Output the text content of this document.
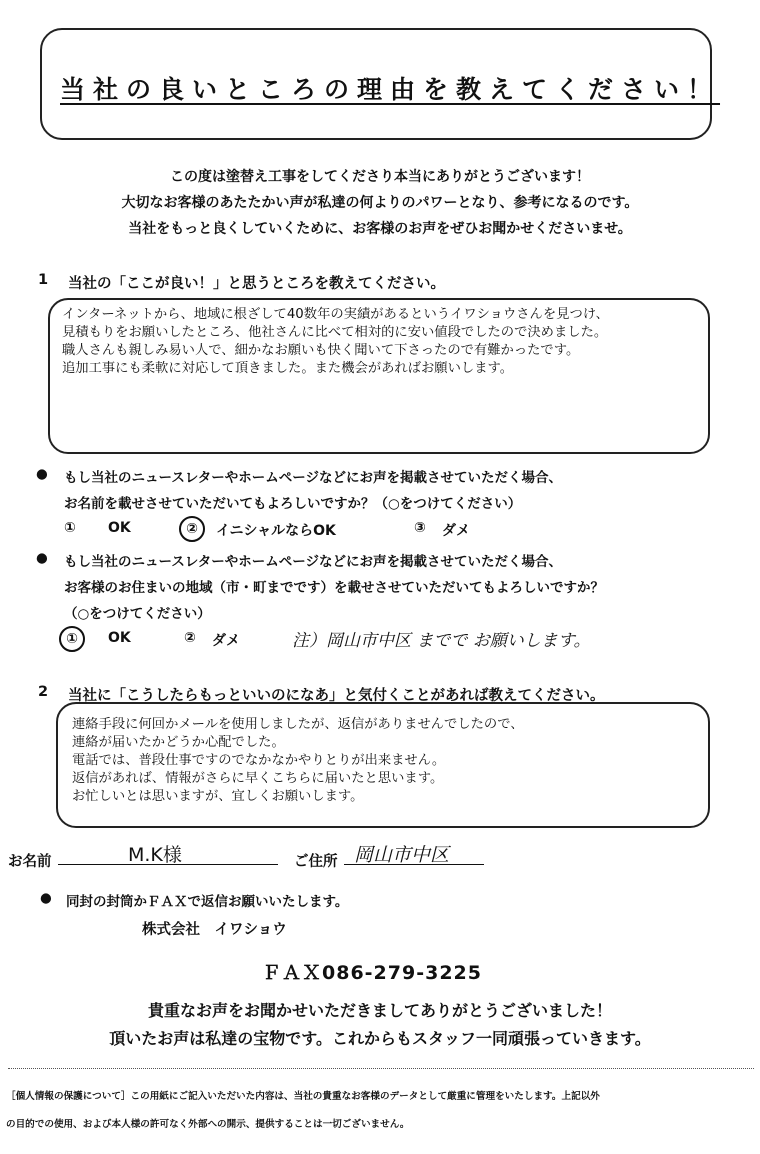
当社の良いところの理由を教えてください！
この度は塗替え工事をしてくださり本当にありがとうございます！
大切なお客様のあたたかい声が私達の何よりのパワーとなり、参考になるのです。
当社をもっと良くしていくために、お客様のお声をぜひお聞かせくださいませ。
1 当社の「ここが良い！」と思うところを教えてください。
インターネットから、地域に根ざして40数年の実績があるというイワショウさんを見つけ、
見積もりをお願いしたところ、他社さんに比べて相対的に安い値段でしたので決めました。
職人さんも親しみ易い人で、細かなお願いも快く聞いて下さったので有難かったです。
追加工事にも柔軟に対応して頂きました。また機会があればお願いします。
● もし当社のニュースレターやホームページなどにお声を掲載させていただく場合、
お名前を載せさせていただいてもよろしいですか？（○をつけてください）
① OK	②	イニシャルならOK	③ ダメ
● もし当社のニュースレターやホームページなどにお声を掲載させていただく場合、
お客様のお住まいの地域（市・町までです）を載せさせていただいてもよろしいですか？
（○をつけてください）
①	OK	② ダメ	注）岡山市中区 までで お願いします。
2 当社に「こうしたらもっといいのになあ」と気付くことがあれば教えてください。
連絡手段に何回かメールを使用しましたが、返信がありませんでしたので、
連絡が届いたかどうか心配でした。
電話では、普段仕事ですのでなかなかやりとりが出来ません。
返信があれば、情報がさらに早くこちらに届いたと思います。
お忙しいとは思いますが、宜しくお願いします。
お名前	M.K様	ご住所 岡山市中区
● 同封の封筒かＦＡＸで返信お願いいたします。
株式会社　イワショウ
ＦＡＸ086-279-3225
貴重なお声をお聞かせいただきましてありがとうございました！
頂いたお声は私達の宝物です。これからもスタッフ一同頑張っていきます。
［個人情報の保護について］この用紙にご記入いただいた内容は、当社の貴重なお客様のデータとして厳重に管理をいたします。上記以外
の目的での使用、および本人様の許可なく外部への開示、提供することは一切ございません。
